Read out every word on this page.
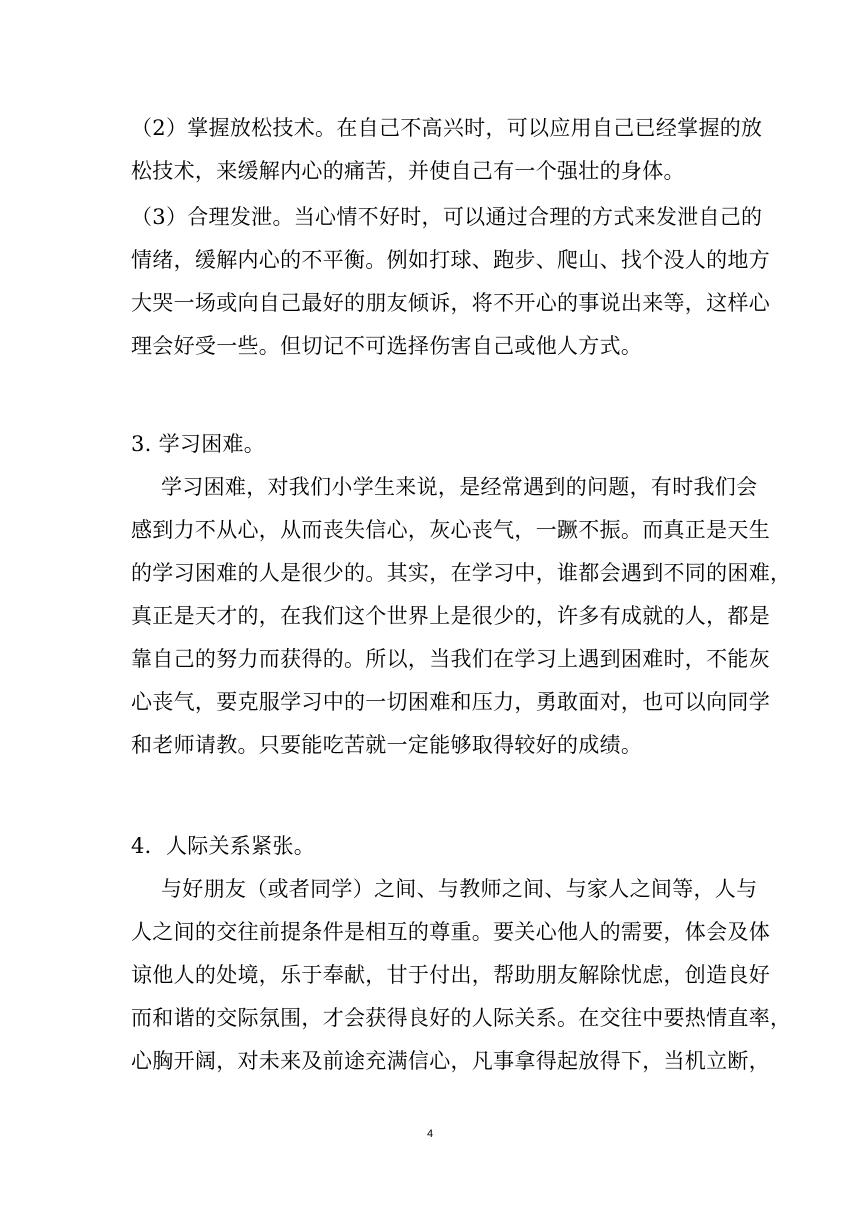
（2）掌握放松技术。在自己不高兴时，可以应用自己已经掌握的放
松技术，来缓解内心的痛苦，并使自己有一个强壮的身体。
（3）合理发泄。当心情不好时，可以通过合理的方式来发泄自己的
情绪，缓解内心的不平衡。例如打球、跑步、爬山、找个没人的地方
大哭一场或向自己最好的朋友倾诉，将不开心的事说出来等，这样心
理会好受一些。但切记不可选择伤害自己或他人方式。
3. 学习困难。
学习困难，对我们小学生来说，是经常遇到的问题，有时我们会
感到力不从心，从而丧失信心，灰心丧气，一蹶不振。而真正是天生
的学习困难的人是很少的。其实，在学习中，谁都会遇到不同的困难，
真正是天才的，在我们这个世界上是很少的，许多有成就的人，都是
靠自己的努力而获得的。所以，当我们在学习上遇到困难时，不能灰
心丧气，要克服学习中的一切困难和压力，勇敢面对，也可以向同学
和老师请教。只要能吃苦就一定能够取得较好的成绩。
4．人际关系紧张。
与好朋友（或者同学）之间、与教师之间、与家人之间等，人与
人之间的交往前提条件是相互的尊重。要关心他人的需要，体会及体
谅他人的处境，乐于奉献，甘于付出，帮助朋友解除忧虑，创造良好
而和谐的交际氛围，才会获得良好的人际关系。在交往中要热情直率，
心胸开阔，对未来及前途充满信心，凡事拿得起放得下，当机立断，
4
